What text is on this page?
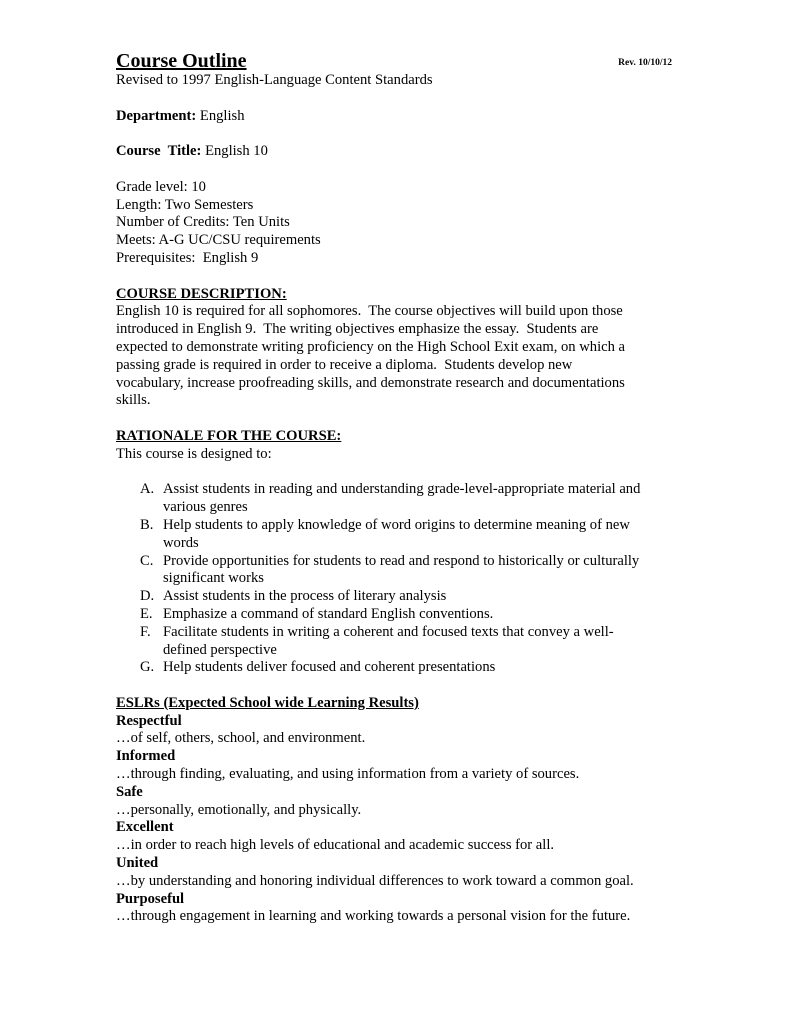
Course Outline	Rev. 10/10/12
Revised to 1997 English-Language Content Standards
Department: English
Course  Title: English 10
Grade level: 10
Length: Two Semesters
Number of Credits: Ten Units
Meets: A-G UC/CSU requirements
Prerequisites:  English 9
COURSE DESCRIPTION:
English 10 is required for all sophomores.  The course objectives will build upon those
introduced in English 9.  The writing objectives emphasize the essay.  Students are
expected to demonstrate writing proficiency on the High School Exit exam, on which a
passing grade is required in order to receive a diploma.  Students develop new
vocabulary, increase proofreading skills, and demonstrate research and documentations
skills.
RATIONALE FOR THE COURSE:
This course is designed to:
A. Assist students in reading and understanding grade-level-appropriate material and
various genres
B. Help students to apply knowledge of word origins to determine meaning of new
words
C. Provide opportunities for students to read and respond to historically or culturally
significant works
D. Assist students in the process of literary analysis
E. Emphasize a command of standard English conventions.
F. Facilitate students in writing a coherent and focused texts that convey a well-
defined perspective
G. Help students deliver focused and coherent presentations
ESLRs (Expected School wide Learning Results)
Respectful
…of self, others, school, and environment.
Informed
…through finding, evaluating, and using information from a variety of sources.
Safe
…personally, emotionally, and physically.
Excellent
…in order to reach high levels of educational and academic success for all.
United
…by understanding and honoring individual differences to work toward a common goal.
Purposeful
…through engagement in learning and working towards a personal vision for the future.
